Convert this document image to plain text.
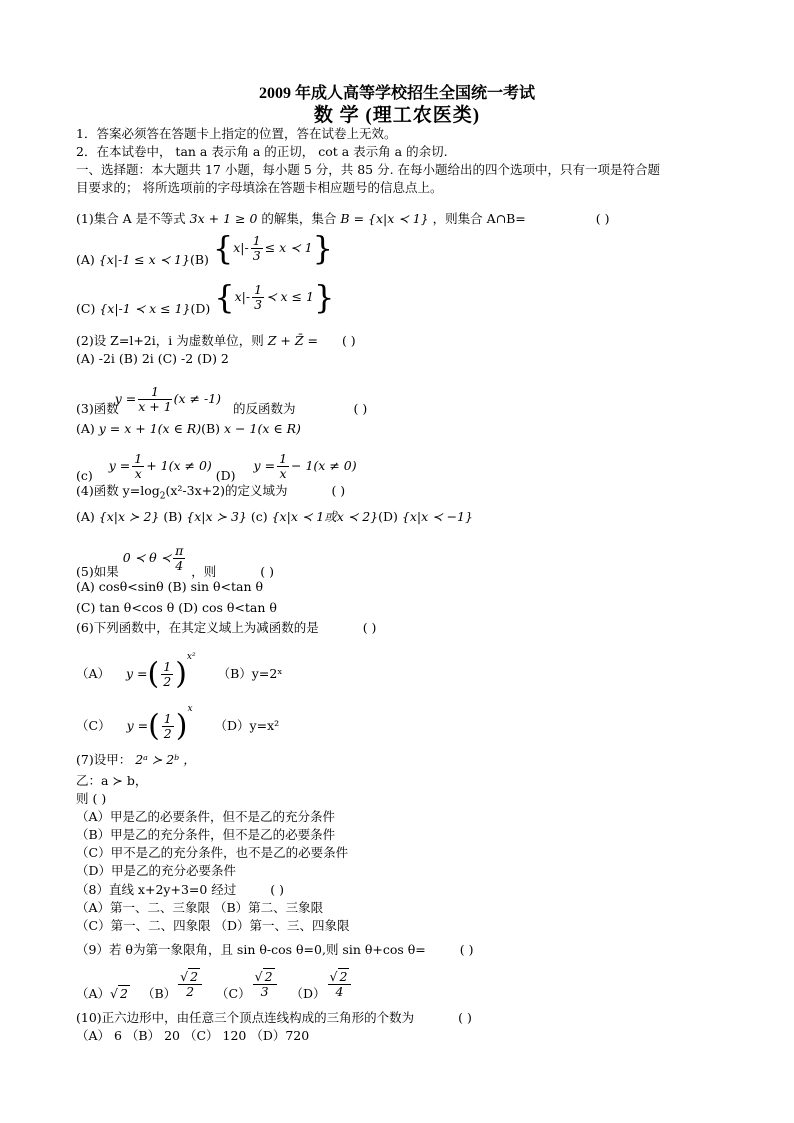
2009 年成人高等学校招生全国统一考试
数 学 (理工农医类)
1．答案必须答在答题卡上指定的位置，答在试卷上无效。
2．在本试卷中， tan a 表示角 a 的正切， cot a 表示角 a 的余切.
一、选择题：本大题共 17 小题，每小题 5 分，共 85 分. 在每小题给出的四个选项中，只有一项是符合题
目要求的； 将所选项前的字母填涂在答题卡相应题号的信息点上。
(1)集合 A 是不等式 3x + 1 ≥ 0 的解集，集合 B = {x|x ≺ 1} ，则集合 A∩B=	( )
(A) {x|-1 ≤ x ≺ 1}(B) {$x|- \frac{1}{3} \le x$ ≺ 1}
(C) {x|-1 ≺ x ≤ 1}(D) {$x|- \frac{1}{3}$ ≺ x ≤ 1}
(2)设 Z=l+2i，i 为虚数单位，则 Z + Z̄ = ( )
(A) -2i (B) 2i (C) -2 (D) 2
(3)函数 $y = \frac{1}{x + 1} (x \ne -1)$ 的反函数为	( )
(A) y = x + 1(x ∈ R)(B) x − 1(x ∈ R)
(c) $y = \frac{1}{x} + 1(x \ne 0)$ (D) $y = \frac{1}{x} - 1(x \ne 0)$
(4)函数 $y=\log_2(x^2-3x+2)$的定义域为	( )
(A) {x|x ≻ 2} (B) {x|x ≻ 3} (c) {x|x ≺ 1或x ≺ 2}(D) {x|x ≺ −1}
(5)如果 0 ≺ θ ≺ $\frac{\pi}{4}$ ，则	( )
(A) cosθ<sinθ (B) sin θ<tan θ
(C) tan θ<cos θ (D) cos θ<tan θ
(6)下列函数中，在其定义域上为减函数的是	( )
（A） y =( $\frac{1}{2} )^{x^2}$ （B）y=2ˣ
（C） y =( $\frac{1}{2} )^x$ （D）y=x²
(7)设甲： 2ᵃ ≻ 2ᵇ ，
乙：a ≻ b，
则 ( )
（A）甲是乙的必要条件，但不是乙的充分条件
（B）甲是乙的充分条件，但不是乙的必要条件
（C）甲不是乙的充分条件，也不是乙的必要条件
（D）甲是乙的充分必要条件
（8）直线 x+2y+3=0 经过	( )
（A）第一、二、三象限 （B）第二、三象限
（C）第一、二、四象限 （D）第一、三、四象限
（9）若 θ为第一象限角，且 sin θ-cos θ=0,则 sin θ+cos θ=	( )
（A）√ 2 $(B) \frac{√ 2}{2} (C) \frac{√ 2}{3} (D) \frac{√ 2}{4}$
(10)正六边形中，由任意三个顶点连线构成的三角形的个数为	( )
（A） 6 （B） 20 （C） 120 （D）720
